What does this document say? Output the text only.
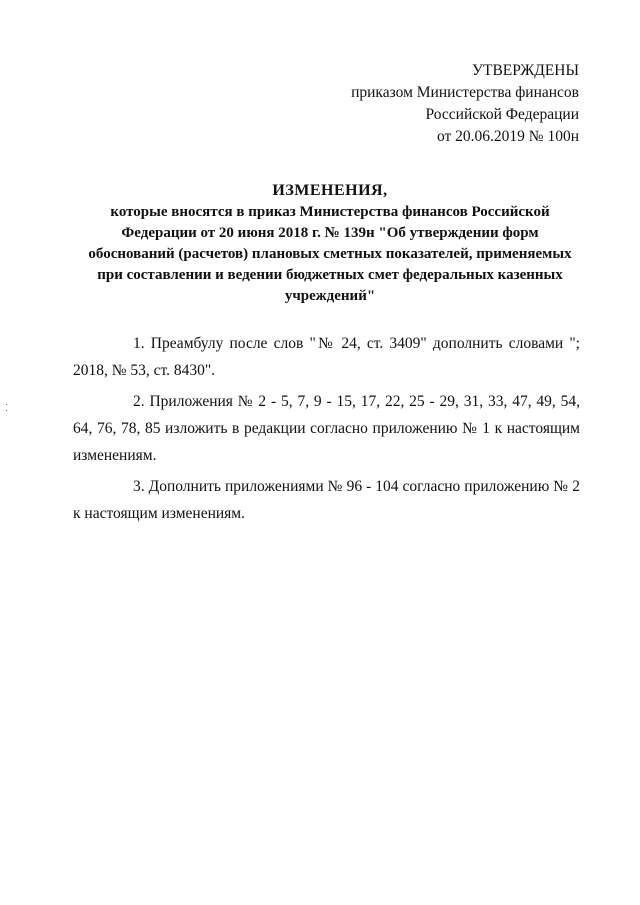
УТВЕРЖДЕНЫ
приказом Министерства финансов
Российской Федерации
от 20.06.2019 № 100н
ИЗМЕНЕНИЯ,
которые вносятся в приказ Министерства финансов Российской
Федерации от 20 июня 2018 г. № 139н "Об утверждении форм
обоснований (расчетов) плановых сметных показателей, применяемых
при составлении и ведении бюджетных смет федеральных казенных
учреждений"

1. Преамбулу после слов "№ 24, ст. 3409" дополнить словами "; 2018, № 53, ст. 8430".

2. Приложения № 2 - 5, 7, 9 - 15, 17, 22, 25 - 29, 31, 33, 47, 49, 54, 64, 76, 78, 85 изложить в редакции согласно приложению № 1 к настоящим изменениям.

3. Дополнить приложениями № 96 - 104 согласно приложению № 2 к настоящим изменениям.
